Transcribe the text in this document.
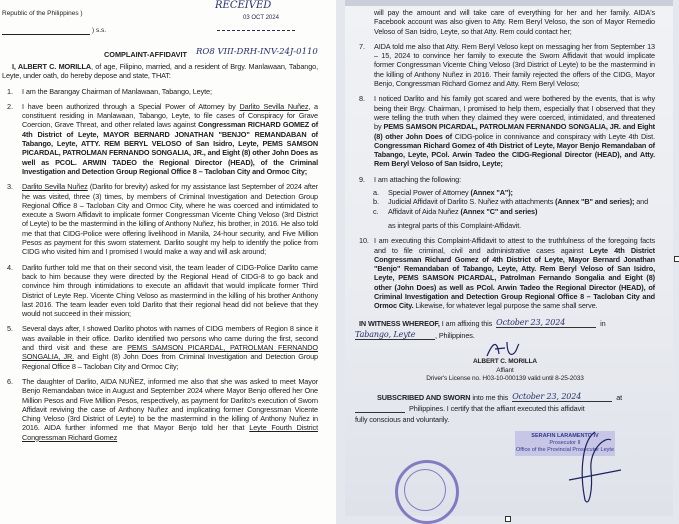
Republic of the Philippines )
) s.s.
RECEIVED
03 OCT 2024
COMPLAINT-AFFIDAVIT RO8 VIII-DRH-INV-24J-0110
I, ALBERT C. MORILLA, of age, Filipino, married, and a resident of Brgy. Manlawaan, Tabango, Leyte, under oath, do hereby depose and state, THAT:
1. I am the Barangay Chairman of Manlawaan, Tabango, Leyte;
2. I have been authorized through a Special Power of Attorney by Darlito Sevilla Nuñez, a constituent residing in Manlawaan, Tabango, Leyte, to file cases of Conspiracy for Grave Coercion, Grave Threat, and other related laws against Congressman RICHARD GOMEZ of 4th District of Leyte, MAYOR BERNARD JONATHAN "BENJO" REMANDABAN of Tabango, Leyte, ATTY. REM BERYL VELOSO of San Isidro, Leyte, PEMS SAMSON PICARDAL, PATROLMAN FERNANDO SONGALIA, JR., and Eight (8) other John Does as well as PCOL. ARWIN TADEO the Regional Director (HEAD), of the Criminal Investigation and Detection Group Regional Office 8 – Tacloban City and Ormoc City;
3. Darlito Sevilla Nuñez (Darlito for brevity) asked for my assistance last September of 2024 after he was visited, three (3) times, by members of Criminal Investigation and Detection Group Regional Office 8 – Tacloban City and Ormoc City, where he was coerced and intimidated to execute a Sworn Affidavit to implicate former Congressman Vicente Ching Veloso (3rd District of Leyte) to be the mastermind in the killing of Anthony Nuñez, his brother, in 2016. He also told me that that CIDG-Police were offering livelihood in Manila, 24-hour security, and Five Million Pesos as payment for this sworn statement. Darlito sought my help to identify the police from CIDG who visited him and I promised I would make a way and will ask around;
4. Darlito further told me that on their second visit, the team leader of CIDG-Police Darlito came back to him because they were directed by the Regional Head of CIDG-8 to go back and convince him through intimidations to execute an affidavit that would implicate former Third District of Leyte Rep. Vicente Ching Veloso as mastermind in the killing of his brother Anthony last 2016. The team leader even told Darlito that their regional head did not believe that they would not succeed in their mission;
5. Several days after, I showed Darlito photos with names of CIDG members of Region 8 since it was available in their office. Darlito identified two persons who came during the first, second and third visit and these are PEMS SAMSON PICARDAL, PATROLMAN FERNANDO SONGALIA, JR. and Eight (8) John Does from Criminal Investigation and Detection Group Regional Office 8 – Tacloban City and Ormoc City;
6. The daughter of Darlito, AIDA NUÑEZ, informed me also that she was asked to meet Mayor Benjo Remandaban twice in August and September 2024 where Mayor Benjo offered her One Million Pesos and Five Million Pesos, respectively, as payment for Darlito's execution of Sworn Affidavit reviving the case of Anthony Nuñez and implicating former Congressman Vicente Ching Veloso (3rd District of Leyte) to be the mastermind in the killing of Anthony Nuñez in 2016. AIDA further informed me that Mayor Benjo told her that Leyte Fourth District Congressman Richard Gomez
will pay the amount and will take care of everything for her and her family. AIDA's Facebook account was also given to Atty. Rem Beryl Veloso, the son of Mayor Remedio Veloso of San Isidro, Leyte, so that Atty. Rem could contact her;
7. AIDA told me also that Atty. Rem Beryl Veloso kept on messaging her from September 13 – 15, 2024 to convince her family to execute the Sworn Affidavit that would implicate former Congressman Vicente Ching Veloso (3rd District of Leyte) to be the mastermind in the killing of Anthony Nuñez in 2016. Their family rejected the offers of the CIDG, Mayor Benjo, Congressman Richard Gomez and Atty. Rem Beryl Veloso;
8. I noticed Darlito and his family got scared and were bothered by the events, that is why being their Brgy. Chairman, I promised to help them, especially that I observed that they were telling the truth when they claimed they were coerced, intimidated, and threatened by PEMS SAMSON PICARDAL, PATROLMAN FERNANDO SONGALIA, JR. and Eight (8) other John Does of CIDG-police in connivance and conspiracy with Leyte 4th Dist. Congressman Richard Gomez of 4th District of Leyte, Mayor Benjo Remandaban of Tabango, Leyte, PCol. Arwin Tadeo the CIDG-Regional Director (HEAD), and Atty. Rem Beryl Veloso of San Isidro, Leyte;
9. I am attaching the following:
a. Special Power of Attorney (Annex "A");
b. Judicial Affidavit of Darlito S. Nuñez with attachments (Annex "B" and series); and
c. Affidavit of Aida Nuñez (Annex "C" and series)
as integral parts of this Complaint-Affidavit.
10. I am executing this Complaint-Affidavit to attest to the truthfulness of the foregoing facts and to file criminal, civil and administrative cases against Leyte 4th District Congressman Richard Gomez of 4th District of Leyte, Mayor Bernard Jonathan "Benjo" Remandaban of Tabango, Leyte, Atty. Rem Beryl Veloso of San Isidro, Leyte, PEMS SAMSON PICARDAL, Patrolman Fernando Songalia and Eight (8) other (John Does) as well as PCol. Arwin Tadeo the Regional Director (HEAD), of Criminal Investigation and Detection Group Regional Office 8 – Tacloban City and Ormoc City. Likewise, for whatever legal purpose the same shall serve.
IN WITNESS WHEREOF, I am affixing this October 23, 2024	in
Tabango, Leyte	, Philippines.
ALBERT C. MORILLA
Affiant
Driver's License no. H03-10-000139 valid until 8-25-2033
SUBSCRIBED AND SWORN into me this October 23, 2024	at
Philippines. I certify that the affiant executed this affidavit
fully conscious and voluntarily.
SERAFIN LARAMENTO IV
Prosecutor II
Office of the Provincial Prosecutor Leyte
